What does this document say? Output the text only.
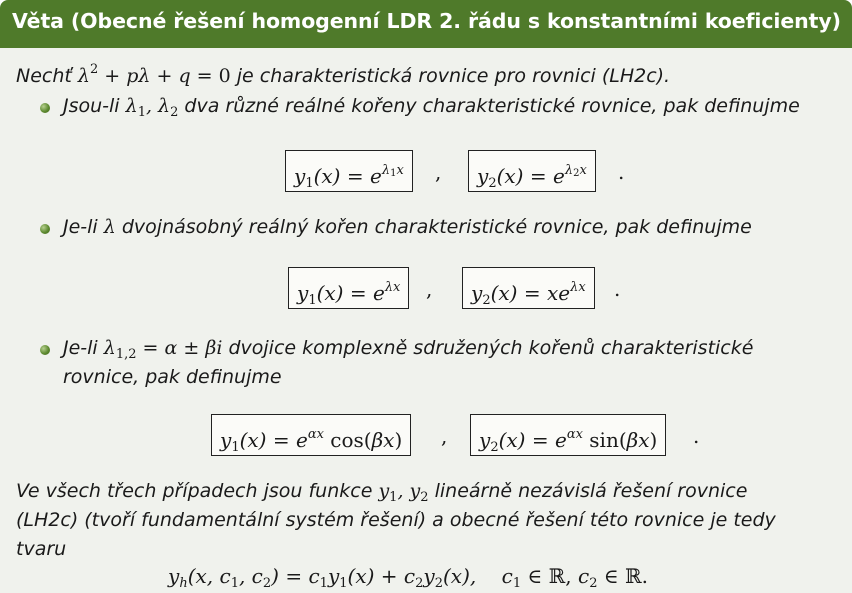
Věta (Obecné řešení homogenní LDR 2. řádu s konstantními koeficienty)
Nechť $\lambda^2 + p\lambda + q = 0$ je charakteristická rovnice pro rovnici (LH2c).
Jsou-li $\lambda_1$, $\lambda_2$ dva různé reálné kořeny charakteristické rovnice, pak definujme
$y_1(x) = e^{\lambda_1x}$	,	$y_2(x) = e^{\lambda_2x}$	.
Je-li λ dvojnásobný reálný kořen charakteristické rovnice, pak definujme
$y_1(x) = e^{\lambda x}$	,	$y_2(x) = xe^{\lambda x}$	.
Je-li $\lambda_{1,2} = \alpha \pm \beta i$ dvojice komplexně sdružených kořenů charakteristické
rovnice, pak definujme
$y_1(x) = e^{\alpha x}$ cos(βx)	,	$y_2(x) = e^{\alpha x}$ sin(βx)	.
Ve všech třech případech jsou funkce $y_1$, $y_2$ lineárně nezávislá řešení rovnice
(LH2c) (tvoří fundamentální systém řešení) a obecné řešení této rovnice je tedy
tvaru
$y_h(x$, $c_1$, $c_2) = c_1y_1(x) + c_2y_2(x)$,    $c_1$ ∈ ℝ, $c_2$ ∈ ℝ.
